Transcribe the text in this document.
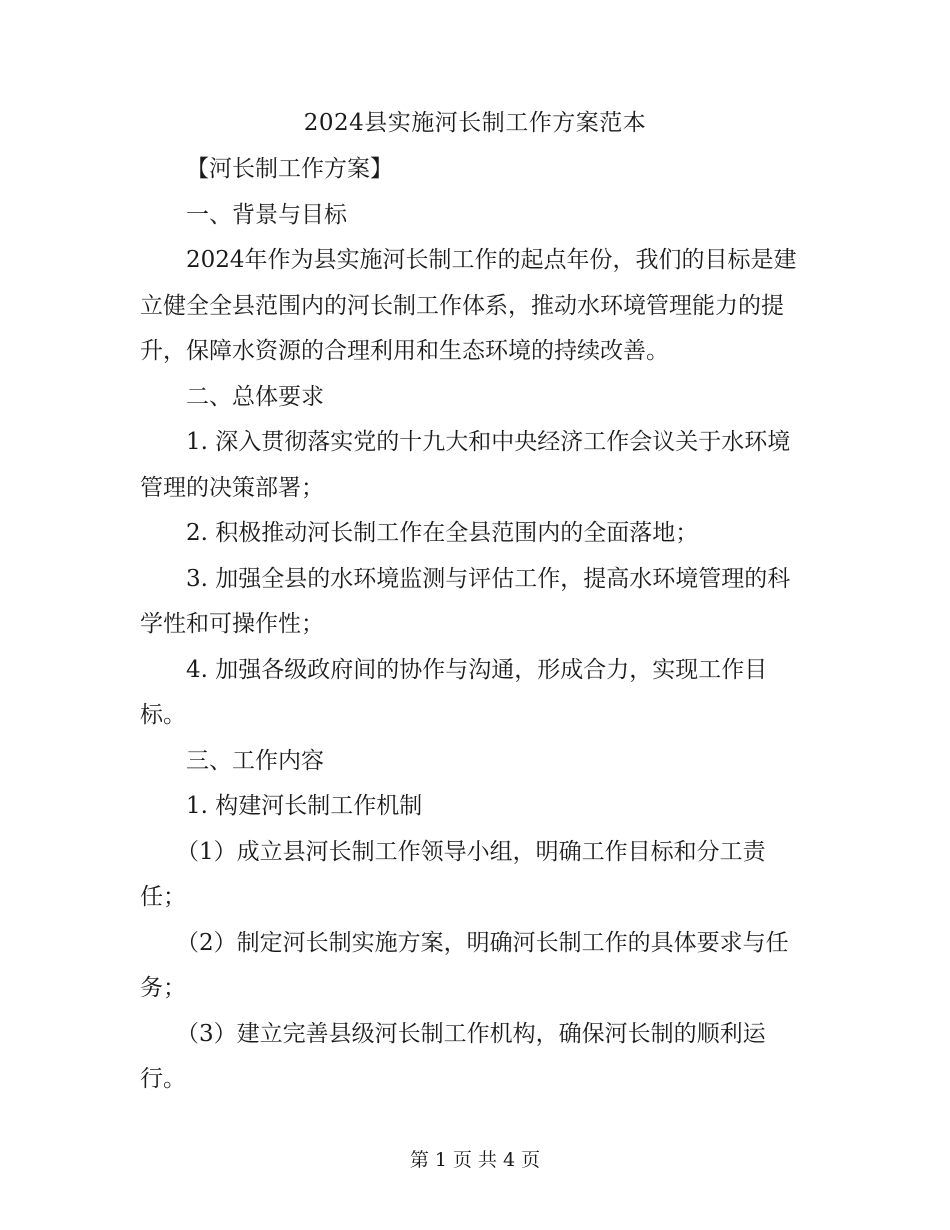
2024县实施河长制工作方案范本

【河长制工作方案】

一、背景与目标

2024年作为县实施河长制工作的起点年份，我们的目标是建立健全全县范围内的河长制工作体系，推动水环境管理能力的提升，保障水资源的合理利用和生态环境的持续改善。

二、总体要求

1. 深入贯彻落实党的十九大和中央经济工作会议关于水环境管理的决策部署；

2. 积极推动河长制工作在全县范围内的全面落地；

3. 加强全县的水环境监测与评估工作，提高水环境管理的科学性和可操作性；

4. 加强各级政府间的协作与沟通，形成合力，实现工作目标。

三、工作内容

1. 构建河长制工作机制

（1）成立县河长制工作领导小组，明确工作目标和分工责任；

（2）制定河长制实施方案，明确河长制工作的具体要求与任务；

（3）建立完善县级河长制工作机构，确保河长制的顺利运行。

第 1 页 共 4 页
